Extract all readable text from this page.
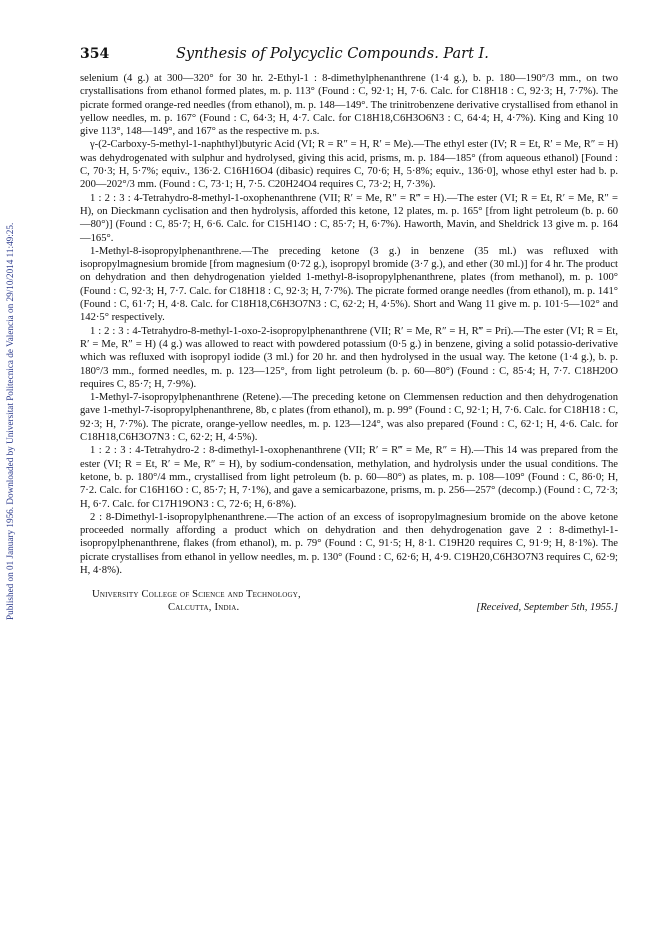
Published on 01 January 1956. Downloaded by Universitat Politecnica de Valencia on 29/10/2014 11:49:25.
354	Synthesis of Polycyclic Compounds. Part I.

selenium (4 g.) at 300—320° for 30 hr. 2-Ethyl-1 : 8-dimethylphenanthrene (1·4 g.), b. p. 180—190°/3 mm., on two crystallisations from ethanol formed plates, m. p. 113° (Found : C, 92·1; H, 7·6. Calc. for C18H18 : C, 92·3; H, 7·7%). The picrate formed orange-red needles (from ethanol), m. p. 148—149°. The trinitrobenzene derivative crystallised from ethanol in yellow needles, m. p. 167° (Found : C, 64·3; H, 4·7. Calc. for C18H18,C6H3O6N3 : C, 64·4; H, 4·7%). King and King 10 give 113°, 148—149°, and 167° as the respective m. p.s.

γ-(2-Carboxy-5-methyl-1-naphthyl)butyric Acid (VI; R = R″ = H, R′ = Me).—The ethyl ester (IV; R = Et, R′ = Me, R″ = H) was dehydrogenated with sulphur and hydrolysed, giving this acid, prisms, m. p. 184—185° (from aqueous ethanol) [Found : C, 70·3; H, 5·7%; equiv., 136·2. C16H16O4 (dibasic) requires C, 70·6; H, 5·8%; equiv., 136·0], whose ethyl ester had b. p. 200—202°/3 mm. (Found : C, 73·1; H, 7·5. C20H24O4 requires C, 73·2; H, 7·3%).

1 : 2 : 3 : 4-Tetrahydro-8-methyl-1-oxophenanthrene (VII; R′ = Me, R″ = R‴ = H).—The ester (VI; R = Et, R′ = Me, R″ = H), on Dieckmann cyclisation and then hydrolysis, afforded this ketone, 12 plates, m. p. 165° [from light petroleum (b. p. 60—80°)] (Found : C, 85·7; H, 6·6. Calc. for C15H14O : C, 85·7; H, 6·7%). Haworth, Mavin, and Sheldrick 13 give m. p. 164—165°.

1-Methyl-8-isopropylphenanthrene.—The preceding ketone (3 g.) in benzene (35 ml.) was refluxed with isopropylmagnesium bromide [from magnesium (0·72 g.), isopropyl bromide (3·7 g.), and ether (30 ml.)] for 4 hr. The product on dehydration and then dehydrogenation yielded 1-methyl-8-isopropylphenanthrene, plates (from methanol), m. p. 100° (Found : C, 92·3; H, 7·7. Calc. for C18H18 : C, 92·3; H, 7·7%). The picrate formed orange needles (from ethanol), m. p. 141° (Found : C, 61·7; H, 4·8. Calc. for C18H18,C6H3O7N3 : C, 62·2; H, 4·5%). Short and Wang 11 give m. p. 101·5—102° and 142·5° respectively.

1 : 2 : 3 : 4-Tetrahydro-8-methyl-1-oxo-2-isopropylphenanthrene (VII; R′ = Me, R″ = H, R‴ = Pri).—The ester (VI; R = Et, R′ = Me, R″ = H) (4 g.) was allowed to react with powdered potassium (0·5 g.) in benzene, giving a solid potassio-derivative which was refluxed with isopropyl iodide (3 ml.) for 20 hr. and then hydrolysed in the usual way. The ketone (1·4 g.), b. p. 180°/3 mm., formed needles, m. p. 123—125°, from light petroleum (b. p. 60—80°) (Found : C, 85·4; H, 7·7. C18H20O requires C, 85·7; H, 7·9%).

1-Methyl-7-isopropylphenanthrene (Retene).—The preceding ketone on Clemmensen reduction and then dehydrogenation gave 1-methyl-7-isopropylphenanthrene, 8b, c plates (from ethanol), m. p. 99° (Found : C, 92·1; H, 7·6. Calc. for C18H18 : C, 92·3; H, 7·7%). The picrate, orange-yellow needles, m. p. 123—124°, was also prepared (Found : C, 62·1; H, 4·6. Calc. for C18H18,C6H3O7N3 : C, 62·2; H, 4·5%).

1 : 2 : 3 : 4-Tetrahydro-2 : 8-dimethyl-1-oxophenanthrene (VII; R′ = R‴ = Me, R″ = H).—This 14 was prepared from the ester (VI; R = Et, R′ = Me, R″ = H), by sodium-condensation, methylation, and hydrolysis under the usual conditions. The ketone, b. p. 180°/4 mm., crystallised from light petroleum (b. p. 60—80°) as plates, m. p. 108—109° (Found : C, 86·0; H, 7·2. Calc. for C16H16O : C, 85·7; H, 7·1%), and gave a semicarbazone, prisms, m. p. 256—257° (decomp.) (Found : C, 72·3; H, 6·7. Calc. for C17H19ON3 : C, 72·6; H, 6·8%).

2 : 8-Dimethyl-1-isopropylphenanthrene.—The action of an excess of isopropylmagnesium bromide on the above ketone proceeded normally affording a product which on dehydration and then dehydrogenation gave 2 : 8-dimethyl-1-isopropylphenanthrene, flakes (from ethanol), m. p. 79° (Found : C, 91·5; H, 8·1. C19H20 requires C, 91·9; H, 8·1%). The picrate crystallises from ethanol in yellow needles, m. p. 130° (Found : C, 62·6; H, 4·9. C19H20,C6H3O7N3 requires C, 62·9; H, 4·8%).

University College of Science and Technology,
Calcutta, India.	[Received, September 5th, 1955.]
